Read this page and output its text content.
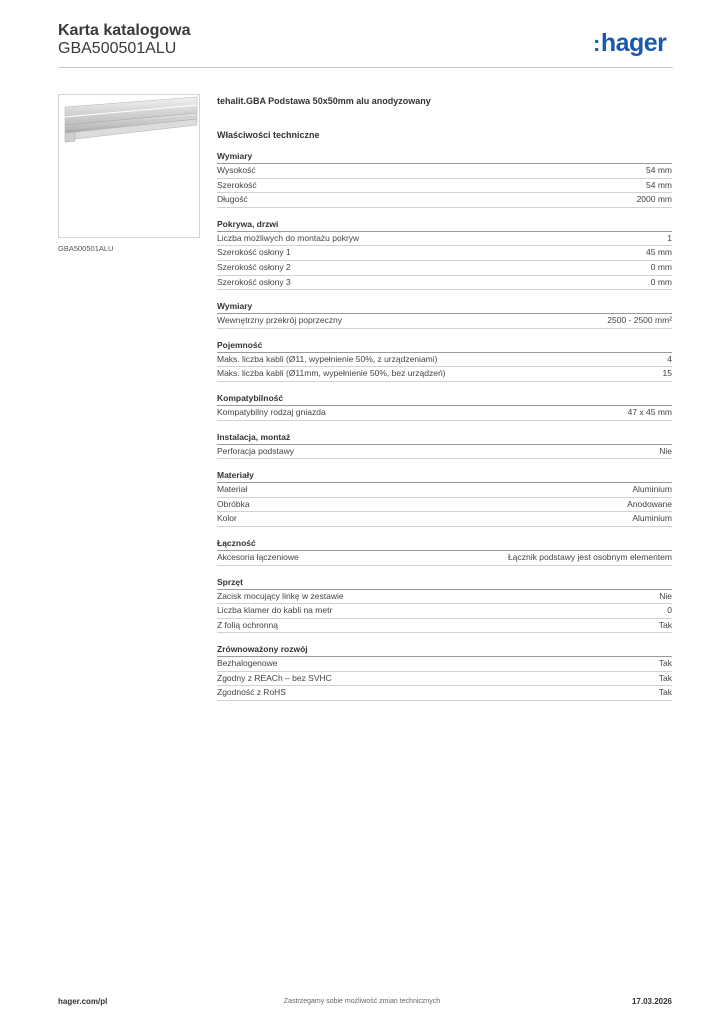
Karta katalogowa
GBA500501ALU	:hager
GBA500501ALU
tehalit.GBA Podstawa 50x50mm alu anodyzowany
Właściwości techniczne
Wymiary
Wysokość	54 mm
Szerokość	54 mm
Długość	2000 mm
Pokrywa, drzwi
Liczba możliwych do montażu pokryw	1
Szerokość osłony 1	45 mm
Szerokość osłony 2	0 mm
Szerokość osłony 3	0 mm
Wymiary
Wewnętrzny przekrój poprzeczny	2500 - 2500 mm²
Pojemność
Maks. liczba kabli (Ø11, wypełnienie 50%, z urządzeniami)	4
Maks. liczba kabli (Ø11mm, wypełnienie 50%, bez urządzeń)	15
Kompatybilność
Kompatybilny rodzaj gniazda	47 x 45 mm
Instalacja, montaż
Perforacja podstawy	Nie
Materiały
Materiał	Aluminium
Obróbka	Anodowane
Kolor	Aluminium
Łączność
Akcesoria łączeniowe	Łącznik podstawy jest osobnym elementem
Sprzęt
Zacisk mocujący linkę w zestawie	Nie
Liczba klamer do kabli na metr	0
Z folią ochronną	Tak
Zrównoważony rozwój
Bezhalogenowe	Tak
Zgodny z REACh – bez SVHC	Tak
Zgodność z RoHS	Tak
hager.com/pl	Zastrzegamy sobie możliwość zmian technicznych	17.03.2026
